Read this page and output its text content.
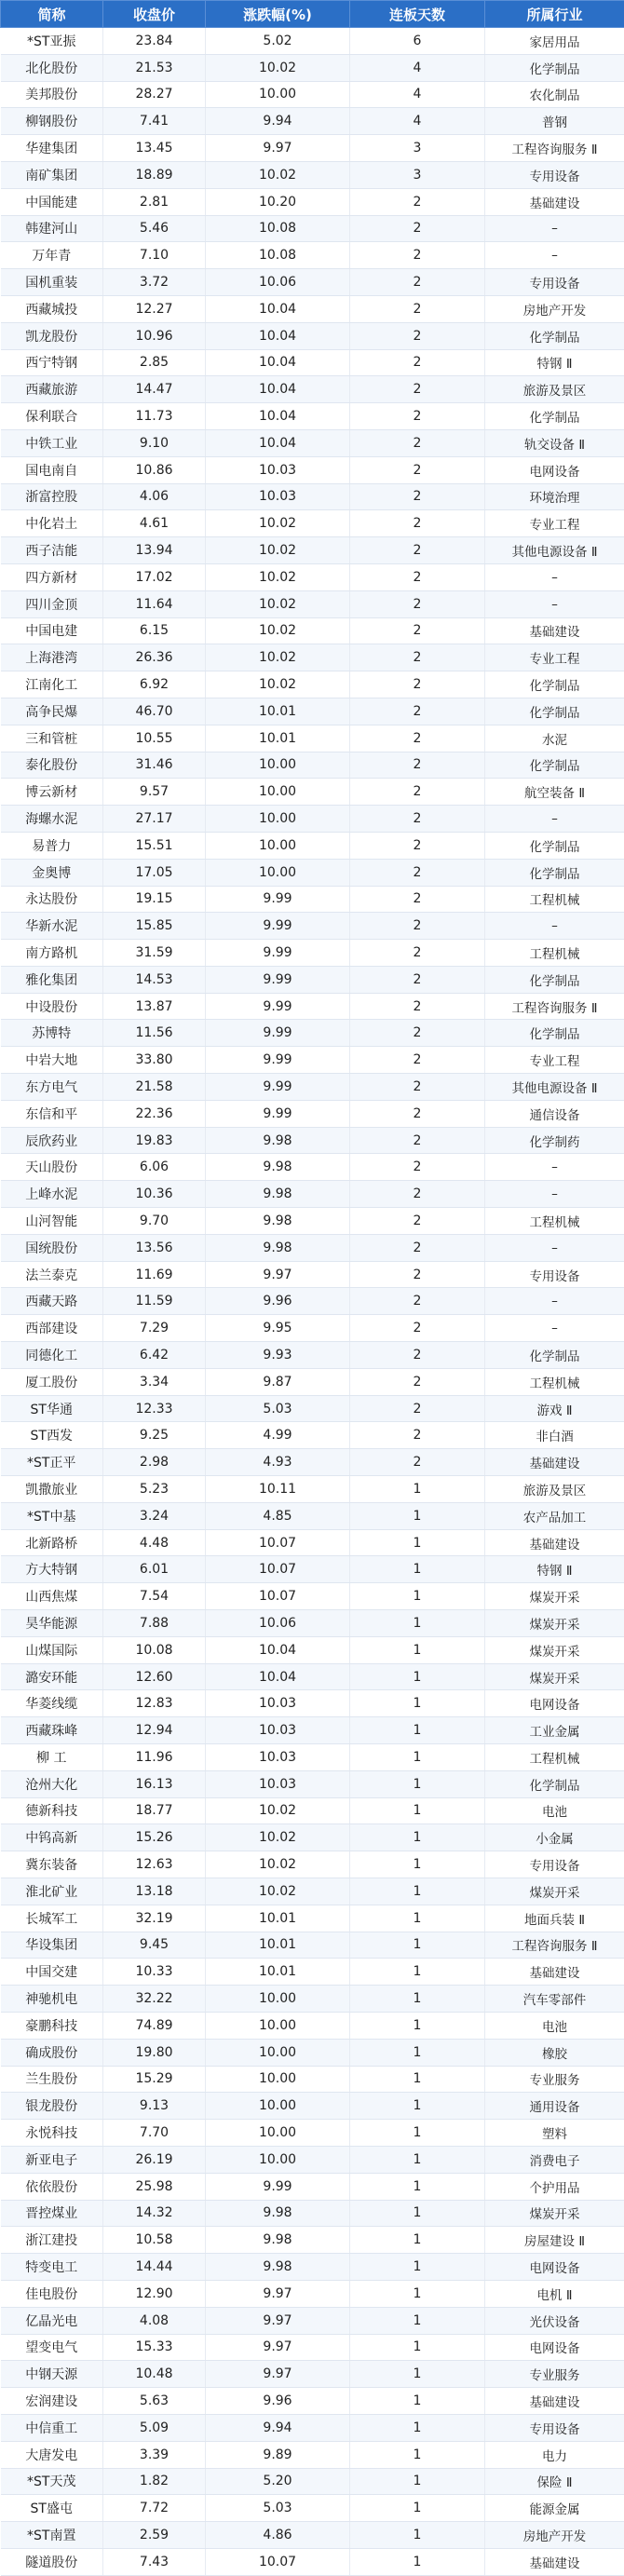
简称	收盘价	涨跌幅(%)	连板天数	所属行业
*ST亚振	23.84	5.02	6	家居用品
北化股份	21.53	10.02	4	化学制品
美邦股份	28.27	10.00	4	农化制品
柳钢股份	7.41	9.94	4	普钢
华建集团	13.45	9.97	3	工程咨询服务 Ⅱ
南矿集团	18.89	10.02	3	专用设备
中国能建	2.81	10.20	2	基础建设
韩建河山	5.46	10.08	2	–
万年青	7.10	10.08	2	–
国机重装	3.72	10.06	2	专用设备
西藏城投	12.27	10.04	2	房地产开发
凯龙股份	10.96	10.04	2	化学制品
西宁特钢	2.85	10.04	2	特钢 Ⅱ
西藏旅游	14.47	10.04	2	旅游及景区
保利联合	11.73	10.04	2	化学制品
中铁工业	9.10	10.04	2	轨交设备 Ⅱ
国电南自	10.86	10.03	2	电网设备
浙富控股	4.06	10.03	2	环境治理
中化岩土	4.61	10.02	2	专业工程
西子洁能	13.94	10.02	2	其他电源设备 Ⅱ
四方新材	17.02	10.02	2	–
四川金顶	11.64	10.02	2	–
中国电建	6.15	10.02	2	基础建设
上海港湾	26.36	10.02	2	专业工程
江南化工	6.92	10.02	2	化学制品
高争民爆	46.70	10.01	2	化学制品
三和管桩	10.55	10.01	2	水泥
泰化股份	31.46	10.00	2	化学制品
博云新材	9.57	10.00	2	航空装备 Ⅱ
海螺水泥	27.17	10.00	2	–
易普力	15.51	10.00	2	化学制品
金奥博	17.05	10.00	2	化学制品
永达股份	19.15	9.99	2	工程机械
华新水泥	15.85	9.99	2	–
南方路机	31.59	9.99	2	工程机械
雅化集团	14.53	9.99	2	化学制品
中设股份	13.87	9.99	2	工程咨询服务 Ⅱ
苏博特	11.56	9.99	2	化学制品
中岩大地	33.80	9.99	2	专业工程
东方电气	21.58	9.99	2	其他电源设备 Ⅱ
东信和平	22.36	9.99	2	通信设备
辰欣药业	19.83	9.98	2	化学制药
天山股份	6.06	9.98	2	–
上峰水泥	10.36	9.98	2	–
山河智能	9.70	9.98	2	工程机械
国统股份	13.56	9.98	2	–
法兰泰克	11.69	9.97	2	专用设备
西藏天路	11.59	9.96	2	–
西部建设	7.29	9.95	2	–
同德化工	6.42	9.93	2	化学制品
厦工股份	3.34	9.87	2	工程机械
ST华通	12.33	5.03	2	游戏 Ⅱ
ST西发	9.25	4.99	2	非白酒
*ST正平	2.98	4.93	2	基础建设
凯撒旅业	5.23	10.11	1	旅游及景区
*ST中基	3.24	4.85	1	农产品加工
北新路桥	4.48	10.07	1	基础建设
方大特钢	6.01	10.07	1	特钢 Ⅱ
山西焦煤	7.54	10.07	1	煤炭开采
昊华能源	7.88	10.06	1	煤炭开采
山煤国际	10.08	10.04	1	煤炭开采
潞安环能	12.60	10.04	1	煤炭开采
华菱线缆	12.83	10.03	1	电网设备
西藏珠峰	12.94	10.03	1	工业金属
柳 工	11.96	10.03	1	工程机械
沧州大化	16.13	10.03	1	化学制品
德新科技	18.77	10.02	1	电池
中钨高新	15.26	10.02	1	小金属
冀东装备	12.63	10.02	1	专用设备
淮北矿业	13.18	10.02	1	煤炭开采
长城军工	32.19	10.01	1	地面兵装 Ⅱ
华设集团	9.45	10.01	1	工程咨询服务 Ⅱ
中国交建	10.33	10.01	1	基础建设
神驰机电	32.22	10.00	1	汽车零部件
豪鹏科技	74.89	10.00	1	电池
确成股份	19.80	10.00	1	橡胶
兰生股份	15.29	10.00	1	专业服务
银龙股份	9.13	10.00	1	通用设备
永悦科技	7.70	10.00	1	塑料
新亚电子	26.19	10.00	1	消费电子
依依股份	25.98	9.99	1	个护用品
晋控煤业	14.32	9.98	1	煤炭开采
浙江建投	10.58	9.98	1	房屋建设 Ⅱ
特变电工	14.44	9.98	1	电网设备
佳电股份	12.90	9.97	1	电机 Ⅱ
亿晶光电	4.08	9.97	1	光伏设备
望变电气	15.33	9.97	1	电网设备
中钢天源	10.48	9.97	1	专业服务
宏润建设	5.63	9.96	1	基础建设
中信重工	5.09	9.94	1	专用设备
大唐发电	3.39	9.89	1	电力
*ST天茂	1.82	5.20	1	保险 Ⅱ
ST盛屯	7.72	5.03	1	能源金属
*ST南置	2.59	4.86	1	房地产开发
隧道股份	7.43	10.07	1	基础建设
